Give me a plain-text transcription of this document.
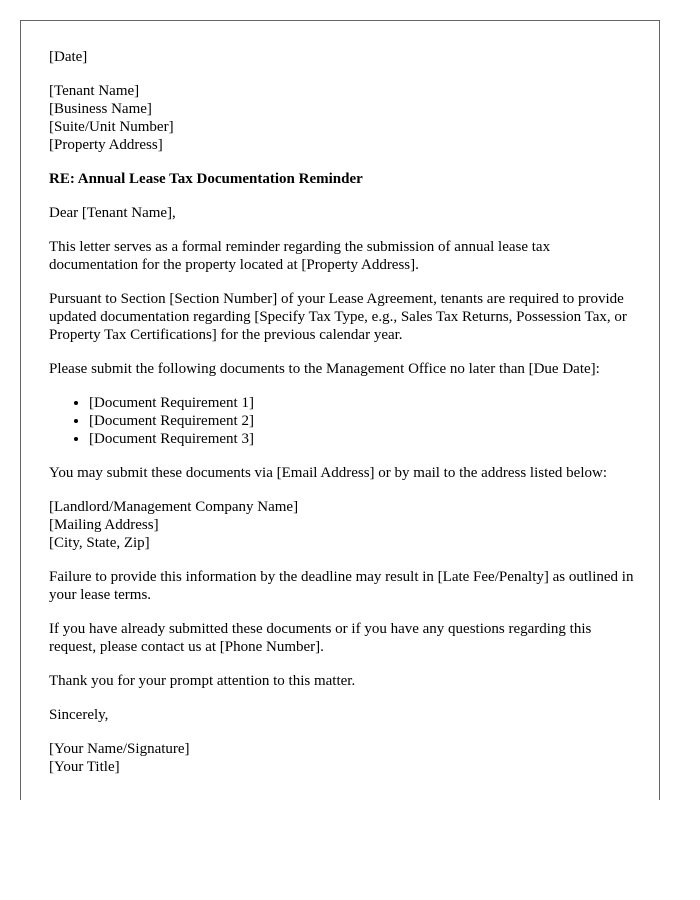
[Date]

[Tenant Name]
[Business Name]
[Suite/Unit Number]
[Property Address]

RE: Annual Lease Tax Documentation Reminder

Dear [Tenant Name],

This letter serves as a formal reminder regarding the submission of annual lease tax documentation for the property located at [Property Address].

Pursuant to Section [Section Number] of your Lease Agreement, tenants are required to provide updated documentation regarding [Specify Tax Type, e.g., Sales Tax Returns, Possession Tax, or Property Tax Certifications] for the previous calendar year.

Please submit the following documents to the Management Office no later than [Due Date]:

• [Document Requirement 1]
• [Document Requirement 2]
• [Document Requirement 3]

You may submit these documents via [Email Address] or by mail to the address listed below:

[Landlord/Management Company Name]
[Mailing Address]
[City, State, Zip]

Failure to provide this information by the deadline may result in [Late Fee/Penalty] as outlined in your lease terms.

If you have already submitted these documents or if you have any questions regarding this request, please contact us at [Phone Number].

Thank you for your prompt attention to this matter.

Sincerely,

[Your Name/Signature]
[Your Title]
